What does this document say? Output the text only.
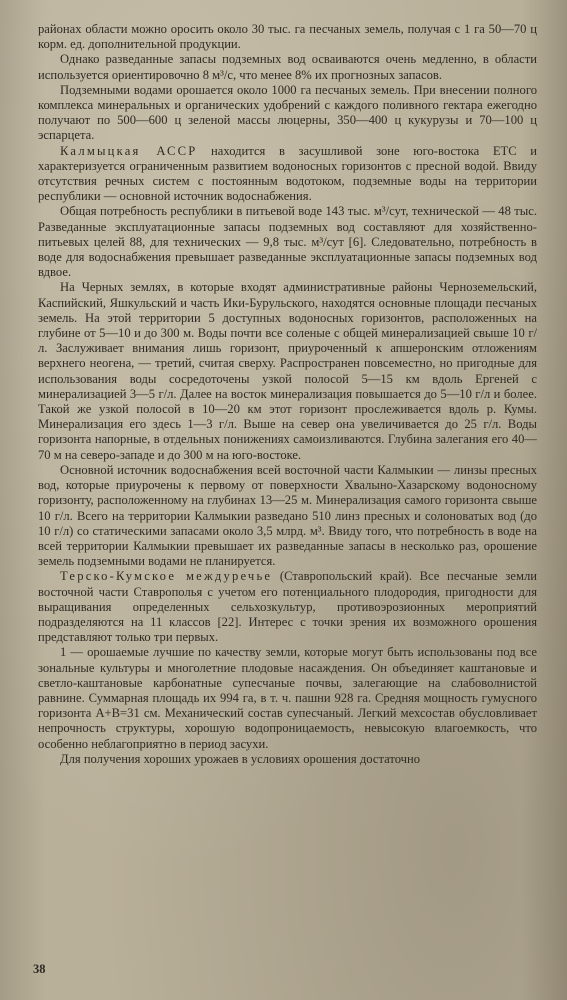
районах области можно оросить около 30 тыс. га песчаных земель, получая с 1 га 50—70 ц корм. ед. дополнительной продукции.

Однако разведанные запасы подземных вод осваиваются очень медленно, в области используется ориентировочно 8 м³/с, что менее 8% их прогнозных запасов.

Подземными водами орошается около 1000 га песчаных земель. При внесении полного комплекса минеральных и органических удобрений с каждого поливного гектара ежегодно получают по 500—600 ц зеленой массы люцерны, 350—400 ц кукурузы и 70—100 ц эспарцета.

Калмыцкая АССР находится в засушливой зоне юго-востока ЕТС и характеризуется ограниченным развитием водоносных горизонтов с пресной водой. Ввиду отсутствия речных систем с постоянным водотоком, подземные воды на территории республики — основной источник водоснабжения.

Общая потребность республики в питьевой воде 143 тыс. м³/сут, технической — 48 тыс. Разведанные эксплуатационные запасы подземных вод составляют для хозяйственно-питьевых целей 88, для технических — 9,8 тыс. м³/сут [6]. Следовательно, потребность в воде для водоснабжения превышает разведанные эксплуатационные запасы подземных вод вдвое.

На Черных землях, в которые входят административные районы Черноземельский, Каспийский, Яшкульский и часть Ики-Бурульского, находятся основные площади песчаных земель. На этой территории 5 доступных водоносных горизонтов, расположенных на глубине от 5—10 и до 300 м. Воды почти все соленые с общей минерализацией свыше 10 г/л. Заслуживает внимания лишь горизонт, приуроченный к апшеронским отложениям верхнего неогена, — третий, считая сверху. Распространен повсеместно, но пригодные для использования воды сосредоточены узкой полосой 5—15 км вдоль Ергеней с минерализацией 3—5 г/л. Далее на восток минерализация повышается до 5—10 г/л и более. Такой же узкой полосой в 10—20 км этот горизонт прослеживается вдоль р. Кумы. Минерализация его здесь 1—3 г/л. Выше на север она увеличивается до 25 г/л. Воды горизонта напорные, в отдельных понижениях самоизливаются. Глубина залегания его 40—70 м на северо-западе и до 300 м на юго-востоке.

Основной источник водоснабжения всей восточной части Калмыкии — линзы пресных вод, которые приурочены к первому от поверхности Хвалыно-Хазарскому водоносному горизонту, расположенному на глубинах 13—25 м. Минерализация самого горизонта свыше 10 г/л. Всего на территории Калмыкии разведано 510 линз пресных и солоноватых вод (до 10 г/л) со статическими запасами около 3,5 млрд. м³. Ввиду того, что потребность в воде на всей территории Калмыкии превышает их разведанные запасы в несколько раз, орошение земель подземными водами не планируется.

Терско-Кумское междуречье (Ставропольский край). Все песчаные земли восточной части Ставрополья с учетом его потенциального плодородия, пригодности для выращивания определенных сельхозкультур, противоэрозионных мероприятий подразделяются на 11 классов [22]. Интерес с точки зрения их возможного орошения представляют только три первых.

1 — орошаемые лучшие по качеству земли, которые могут быть использованы под все зональные культуры и многолетние плодовые насаждения. Он объединяет каштановые и светло-каштановые карбонатные супесчаные почвы, залегающие на слабоволнистой равнине. Суммарная площадь их 994 га, в т. ч. пашни 928 га. Средняя мощность гумусного горизонта А+В=31 см. Механический состав супесчаный. Легкий мехсостав обусловливает непрочность структуры, хорошую водопроницаемость, невысокую влагоемкость, что особенно неблагоприятно в период засухи.

Для получения хороших урожаев в условиях орошения достаточно

38
